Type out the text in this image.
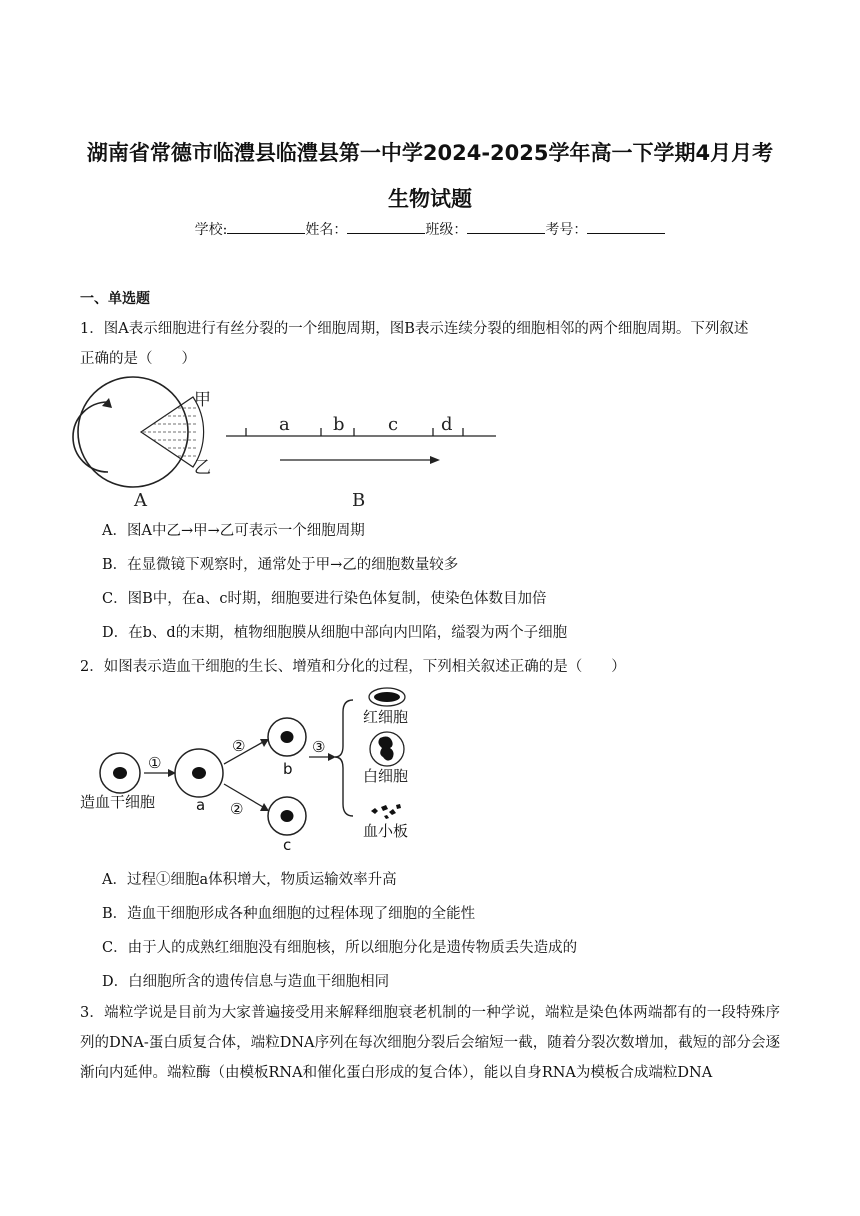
湖南省常德市临澧县临澧县第一中学2024-2025学年高一下学期4月月考
生物试题
学校:	姓名：	班级：	考号：
一、单选题
1．图A表示细胞进行有丝分裂的一个细胞周期，图B表示连续分裂的细胞相邻的两个细胞周期。下列叙述
正确的是（　　）
甲
乙
A
a b c d
B
A．图A中乙→甲→乙可表示一个细胞周期
B．在显微镜下观察时，通常处于甲→乙的细胞数量较多
C．图B中，在a、c时期，细胞要进行染色体复制，使染色体数目加倍
D．在b、d的末期，植物细胞膜从细胞中部向内凹陷，缢裂为两个子细胞
2．如图表示造血干细胞的生长、增殖和分化的过程，下列相关叙述正确的是（　　）
造血干细胞
①
a
②
②
b
c
③
红细胞
白细胞
血小板
A．过程①细胞a体积增大，物质运输效率升高
B．造血干细胞形成各种血细胞的过程体现了细胞的全能性
C．由于人的成熟红细胞没有细胞核，所以细胞分化是遗传物质丢失造成的
D．白细胞所含的遗传信息与造血干细胞相同
3．端粒学说是目前为大家普遍接受用来解释细胞衰老机制的一种学说，端粒是染色体两端都有的一段特殊序列的DNA-蛋白质复合体，端粒DNA序列在每次细胞分裂后会缩短一截，随着分裂次数增加，截短的部分会逐渐向内延伸。端粒酶（由模板RNA和催化蛋白形成的复合体），能以自身RNA为模板合成端粒DNA
